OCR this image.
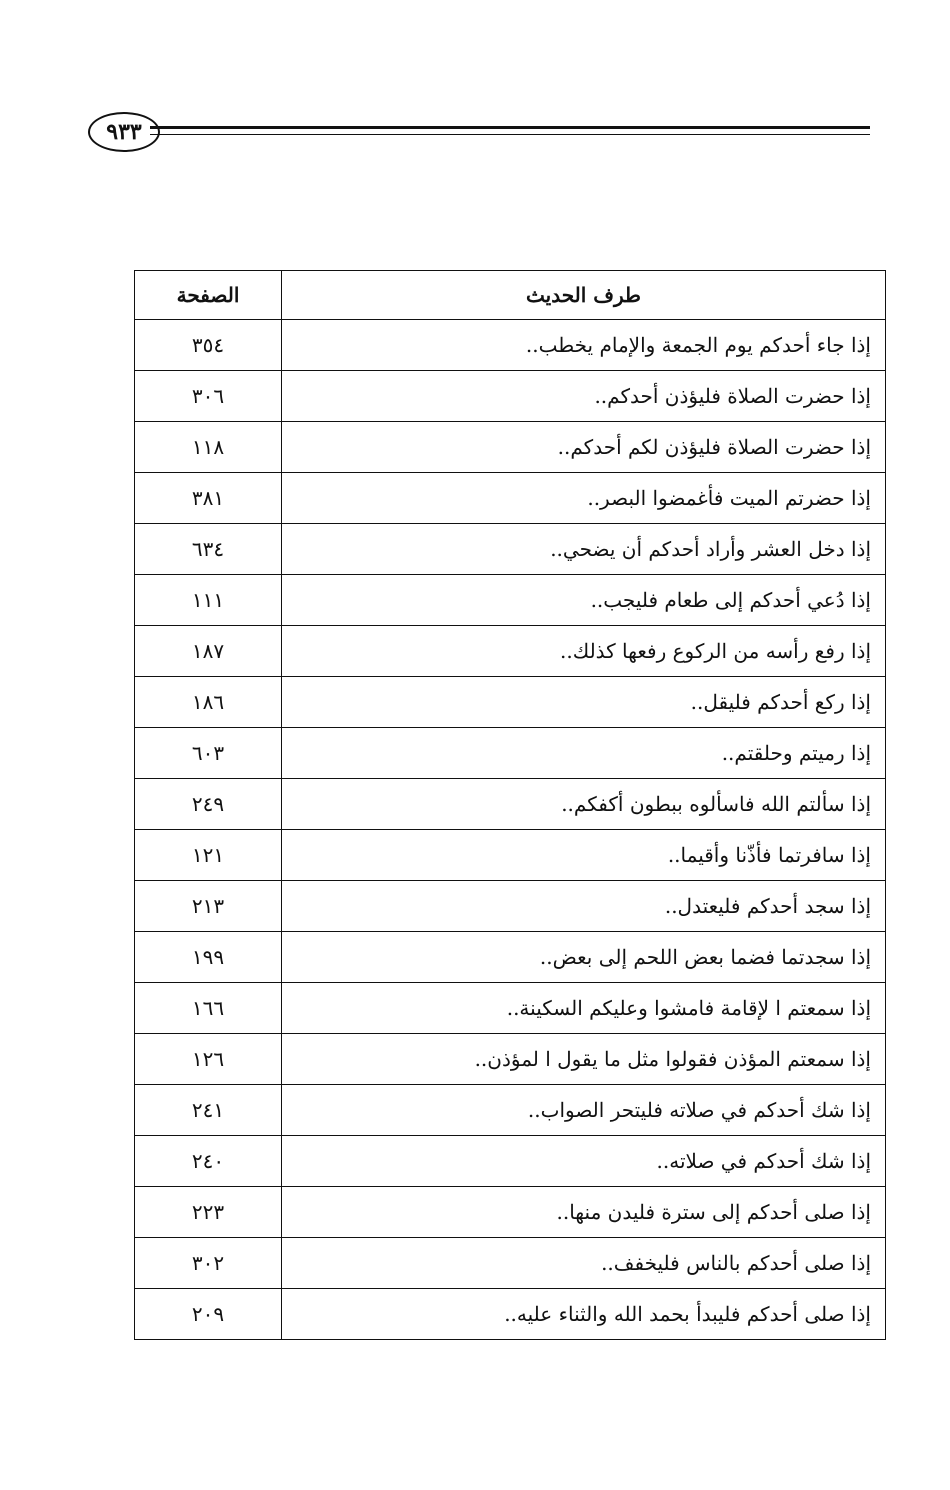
٩٣٣
طرف الحديث	الصفحة
إذا جاء أحدكم يوم الجمعة والإمام يخطب..	٣٥٤
إذا حضرت الصلاة فليؤذن أحدكم..	٣٠٦
إذا حضرت الصلاة فليؤذن لكم أحدكم..	١١٨
إذا حضرتم الميت فأغمضوا البصر..	٣٨١
إذا دخل العشر وأراد أحدكم أن يضحي..	٦٣٤
إذا دُعي أحدكم إلى طعام فليجب..	١١١
إذا رفع رأسه من الركوع رفعها كذلك..	١٨٧
إذا ركع أحدكم فليقل..	١٨٦
إذا رميتم وحلقتم..	٦٠٣
إذا سألتم الله فاسألوه ببطون أكفكم..	٢٤٩
إذا سافرتما فأذّنا وأقيما..	١٢١
إذا سجد أحدكم فليعتدل..	٢١٣
إذا سجدتما فضما بعض اللحم إلى بعض..	١٩٩
إذا سمعتم ا لإقامة فامشوا وعليكم السكينة..	١٦٦
إذا سمعتم المؤذن فقولوا مثل ما يقول ا لمؤذن..	١٢٦
إذا شك أحدكم في صلاته فليتحر الصواب..	٢٤١
إذا شك أحدكم في صلاته..	٢٤٠
إذا صلى أحدكم إلى سترة فليدن منها..	٢٢٣
إذا صلى أحدكم بالناس فليخفف..	٣٠٢
إذا صلى أحدكم فليبدأ بحمد الله والثناء عليه..	٢٠٩
